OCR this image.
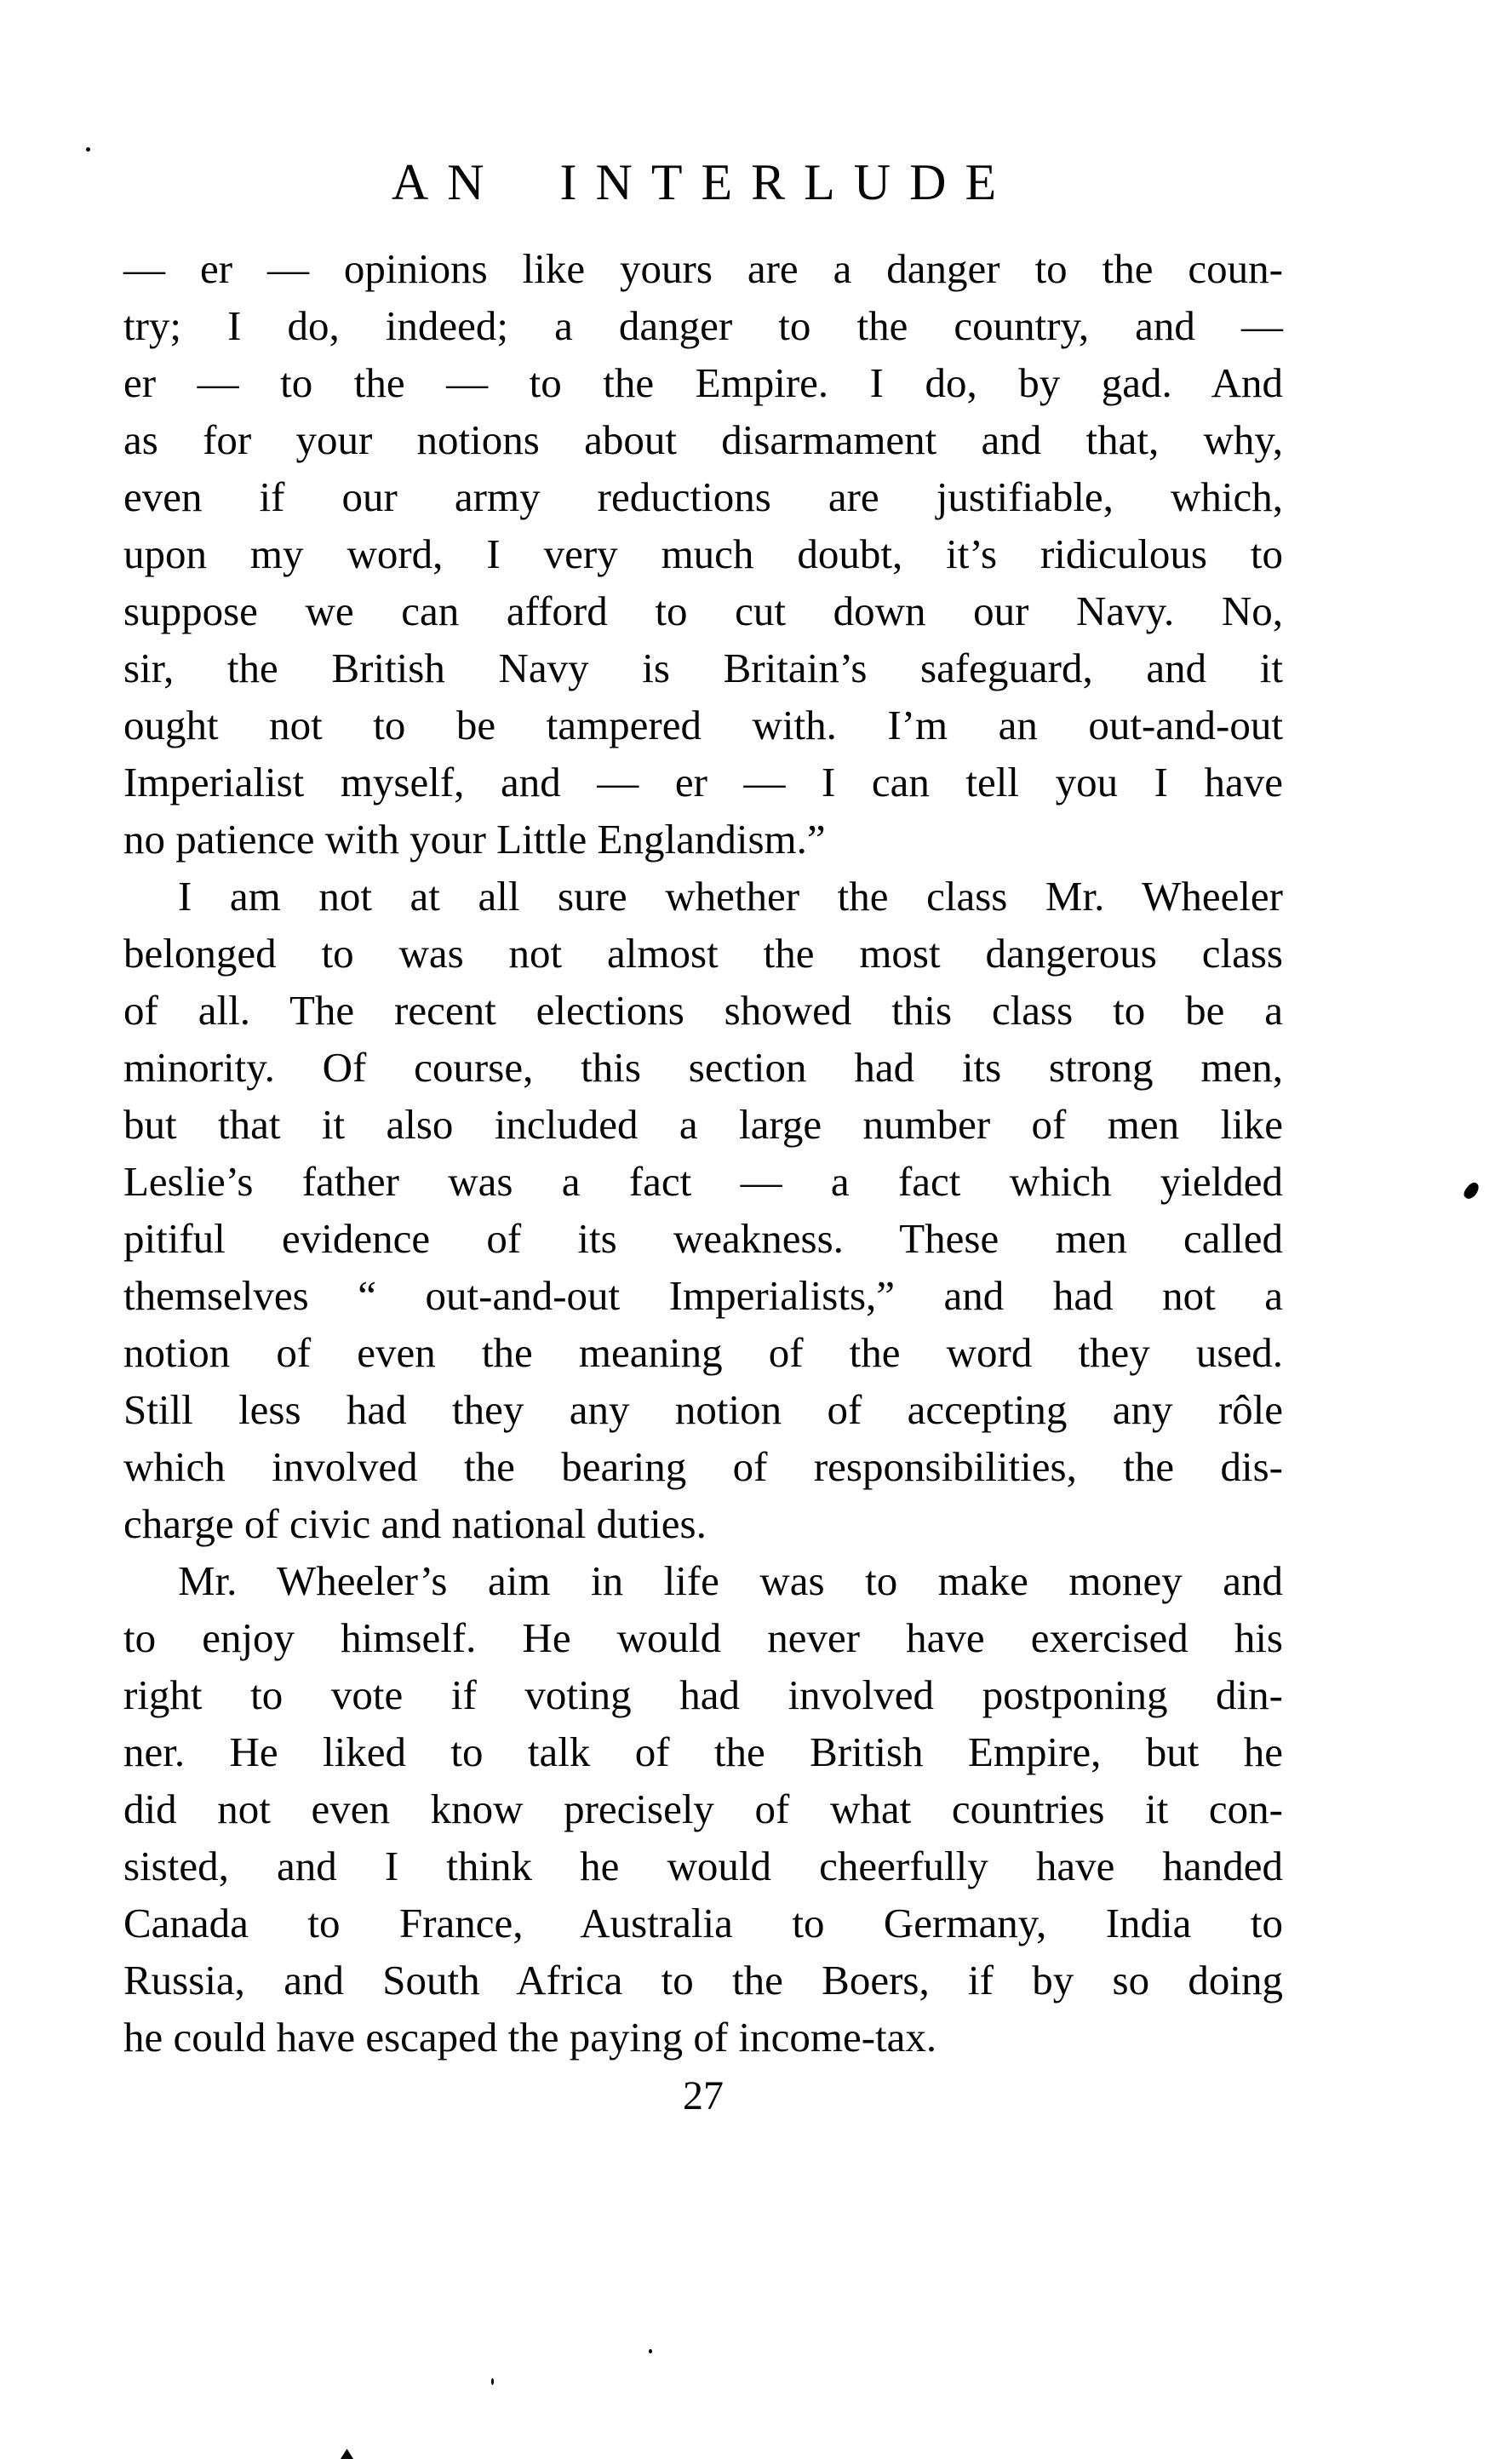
AN INTERLUDE
— er — opinions like yours are a danger to the coun-
try; I do, indeed; a danger to the country, and —
er — to the — to the Empire. I do, by gad. And
as for your notions about disarmament and that, why,
even if our army reductions are justifiable, which,
upon my word, I very much doubt, it’s ridiculous to
suppose we can afford to cut down our Navy. No,
sir, the British Navy is Britain’s safeguard, and it
ought not to be tampered with. I’m an out-and-out
Imperialist myself, and — er — I can tell you I have
no patience with your Little Englandism.”
I am not at all sure whether the class Mr. Wheeler
belonged to was not almost the most dangerous class
of all. The recent elections showed this class to be a
minority. Of course, this section had its strong men,
but that it also included a large number of men like
Leslie’s father was a fact — a fact which yielded
pitiful evidence of its weakness. These men called
themselves “ out-and-out Imperialists,” and had not a
notion of even the meaning of the word they used.
Still less had they any notion of accepting any rôle
which involved the bearing of responsibilities, the dis-
charge of civic and national duties.
Mr. Wheeler’s aim in life was to make money and
to enjoy himself. He would never have exercised his
right to vote if voting had involved postponing din-
ner. He liked to talk of the British Empire, but he
did not even know precisely of what countries it con-
sisted, and I think he would cheerfully have handed
Canada to France, Australia to Germany, India to
Russia, and South Africa to the Boers, if by so doing
he could have escaped the paying of income-tax.
27
